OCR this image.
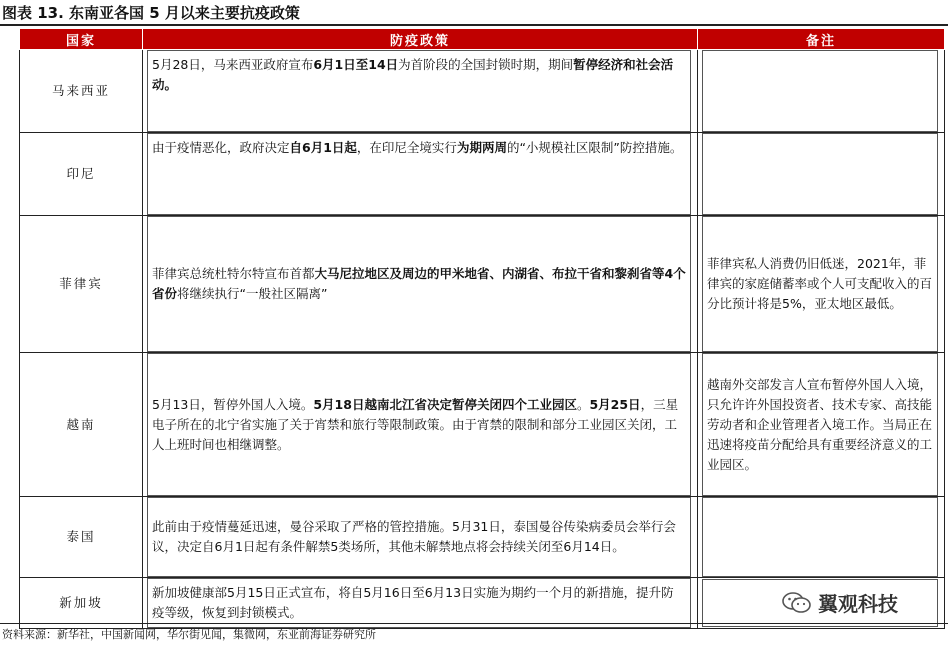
图表 13. 东南亚各国 5 月以来主要抗疫政策
国家	防疫政策	备注
马来西亚	5月28日，马来西亚政府宣布6月1日至14日为首阶段的全国封锁时期，期间暂停经济和社会活动。	

印尼	由于疫情恶化，政府决定自6月1日起，在印尼全境实行为期两周的“小规模社区限制”防控措施。	

菲律宾	菲律宾总统杜特尔特宣布首都大马尼拉地区及周边的甲米地省、内湖省、布拉干省和黎刹省等4个省份将继续执行“一般社区隔离”	菲律宾私人消费仍旧低迷，2021年，菲律宾的家庭储蓄率或个人可支配收入的百分比预计将是5%，亚太地区最低。

越南	5月13日，暂停外国人入境。5月18日越南北江省决定暂停关闭四个工业园区。5月25日，三星电子所在的北宁省实施了关于宵禁和旅行等限制政策。由于宵禁的限制和部分工业园区关闭，工人上班时间也相继调整。	越南外交部发言人宣布暂停外国人入境，只允许许外国投资者、技术专家、高技能劳动者和企业管理者入境工作。当局正在迅速将疫苗分配给具有重要经济意义的工业园区。

泰国	此前由于疫情蔓延迅速，曼谷采取了严格的管控措施。5月31日，泰国曼谷传染病委员会举行会议，决定自6月1日起有条件解禁5类场所，其他未解禁地点将会持续关闭至6月14日。	

新加坡	新加坡健康部5月15日正式宣布，将自5月16日至6月13日实施为期约一个月的新措施，提升防疫等级，恢复到封锁模式。	
		翼观科技
资料来源：新华社，中国新闻网，华尔街见闻，集微网，东亚前海证券研究所
